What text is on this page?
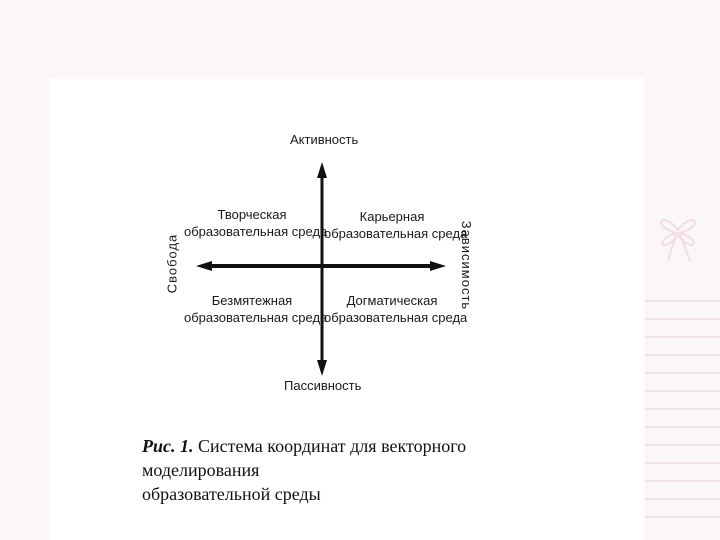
Активность
Пассивность
Свобода	Зависимость
Творческая
образовательная среда
Карьерная
образовательная среда
Безмятежная
образовательная среда
Догматическая
образовательная среда
Рис. 1. Система координат для векторного моделирования
образовательной среды
